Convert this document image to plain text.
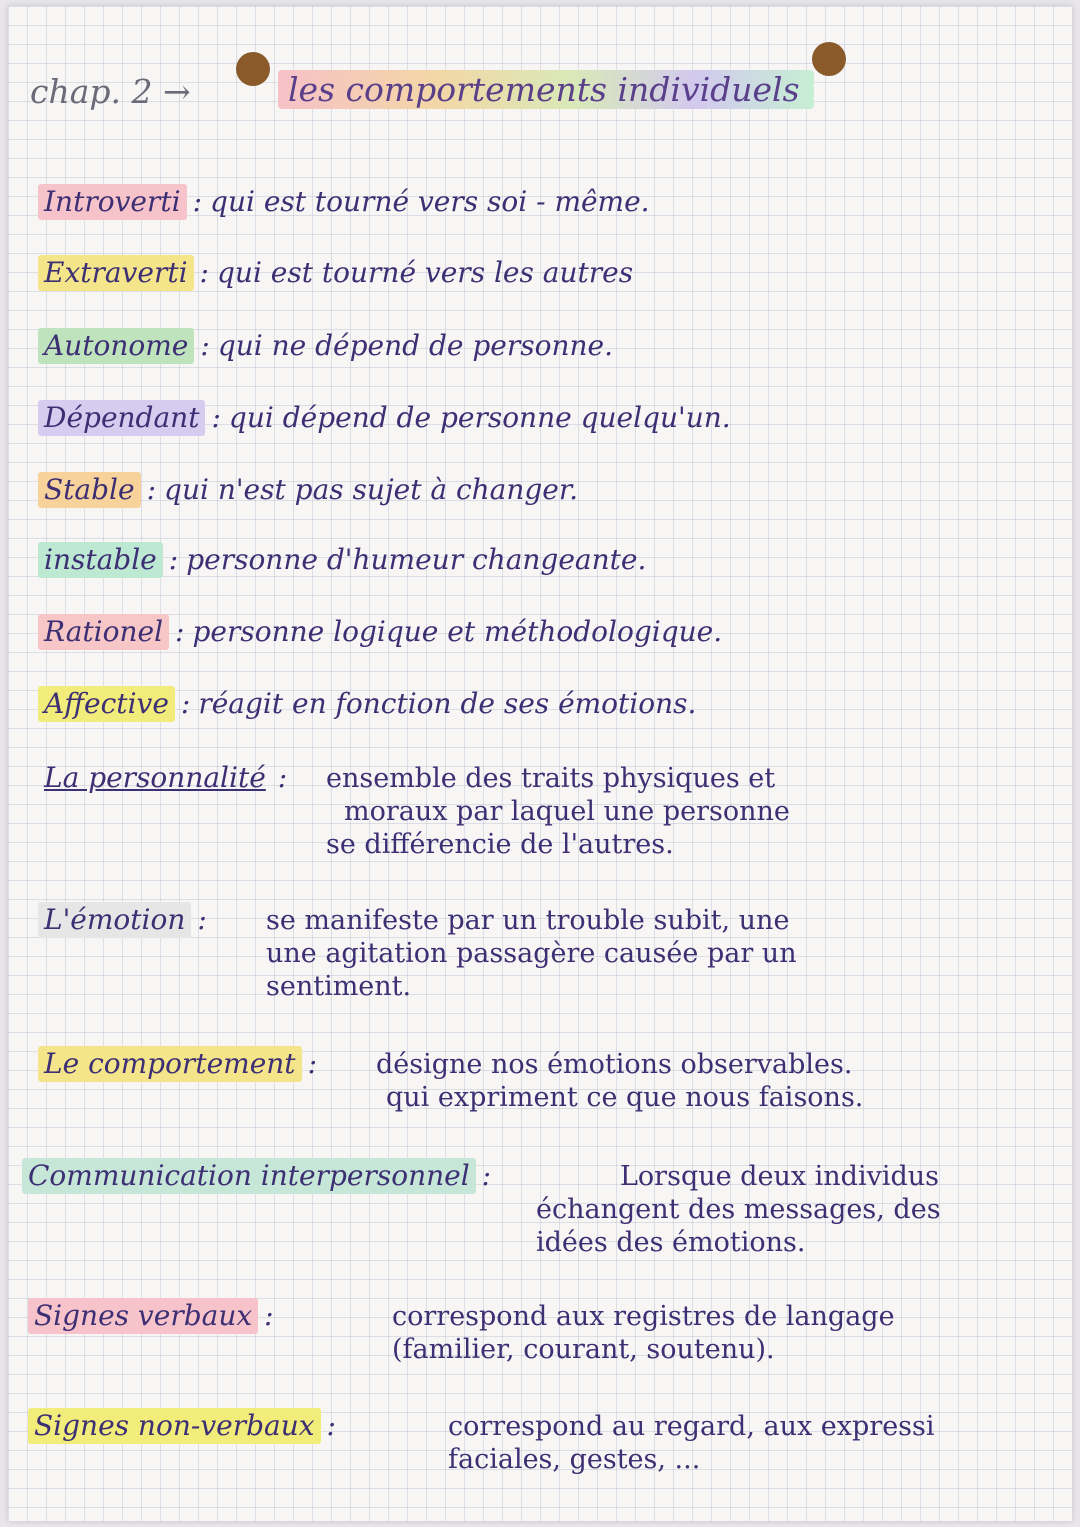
chap. 2 →	les comportements individuels
Introverti : qui est tourné vers soi - même.
Extraverti : qui est tourné vers les autres
Autonome : qui ne dépend de personne.
Dépendant : qui dépend de personne quelqu'un.
Stable : qui n'est pas sujet à changer.
instable : personne d'humeur changeante.
Rationel : personne logique et méthodologique.
Affective : réagit en fonction de ses émotions.
La personnalité :	ensemble des traits physiques et
moraux par laquel une personne
se différencie de l'autres.
L'émotion :	se manifeste par un trouble subit, une
une agitation passagère causée par un
sentiment.
Le comportement :	désigne nos émotions observables.
qui expriment ce que nous faisons.
Communication interpersonnel :	Lorsque deux individus
échangent des messages, des
idées des émotions.
Signes verbaux :	correspond aux registres de langage
(familier, courant, soutenu).
Signes non-verbaux :	correspond au regard, aux expressi
faciales, gestes, ...
